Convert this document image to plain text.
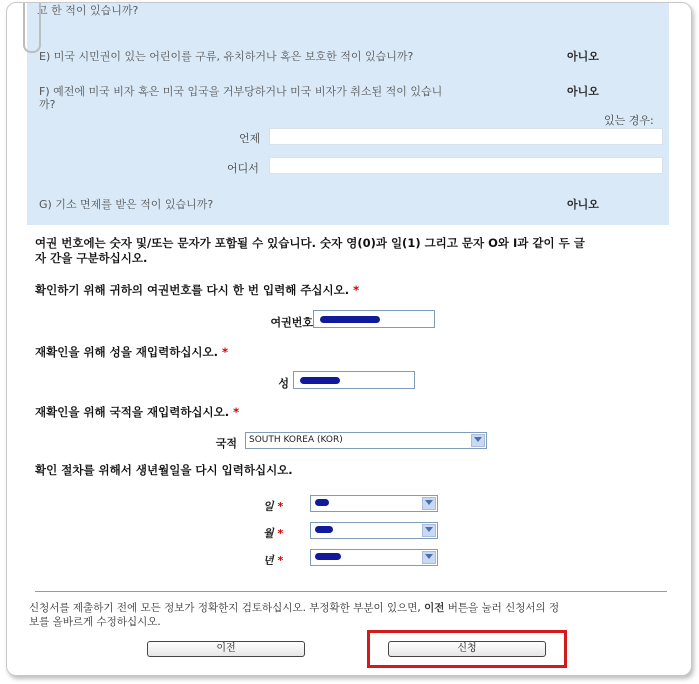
고 한 적이 있습니까?
E) 미국 시민권이 있는 어린이를 구류, 유치하거나 혹은 보호한 적이 있습니까?	아니오
F) 예전에 미국 비자 혹은 미국 입국을 거부당하거나 미국 비자가 취소된 적이 있습니
까?
아니오
있는 경우:
언제
어디서
G) 기소 면제를 받은 적이 있습니까?	아니오
여권 번호에는 숫자 및/또는 문자가 포함될 수 있습니다. 숫자 영(0)과 일(1) 그리고 문자 O와 I과 같이 두 글
자 간을 구분하십시오.
확인하기 위해 귀하의 여권번호를 다시 한 번 입력해 주십시오. *
여권번호
재확인을 위해 성을 재입력하십시오. *
성
재확인을 위해 국적을 재입력하십시오. *
국적 SOUTH KOREA (KOR)
확인 절차를 위해서 생년월일을 다시 입력하십시오.
일 *
월 *
년 *
신청서를 제출하기 전에 모든 정보가 정확한지 검토하십시오. 부정확한 부분이 있으면, 이전 버튼을 눌러 신청서의 정
보를 올바르게 수정하십시오.
이전	신청
